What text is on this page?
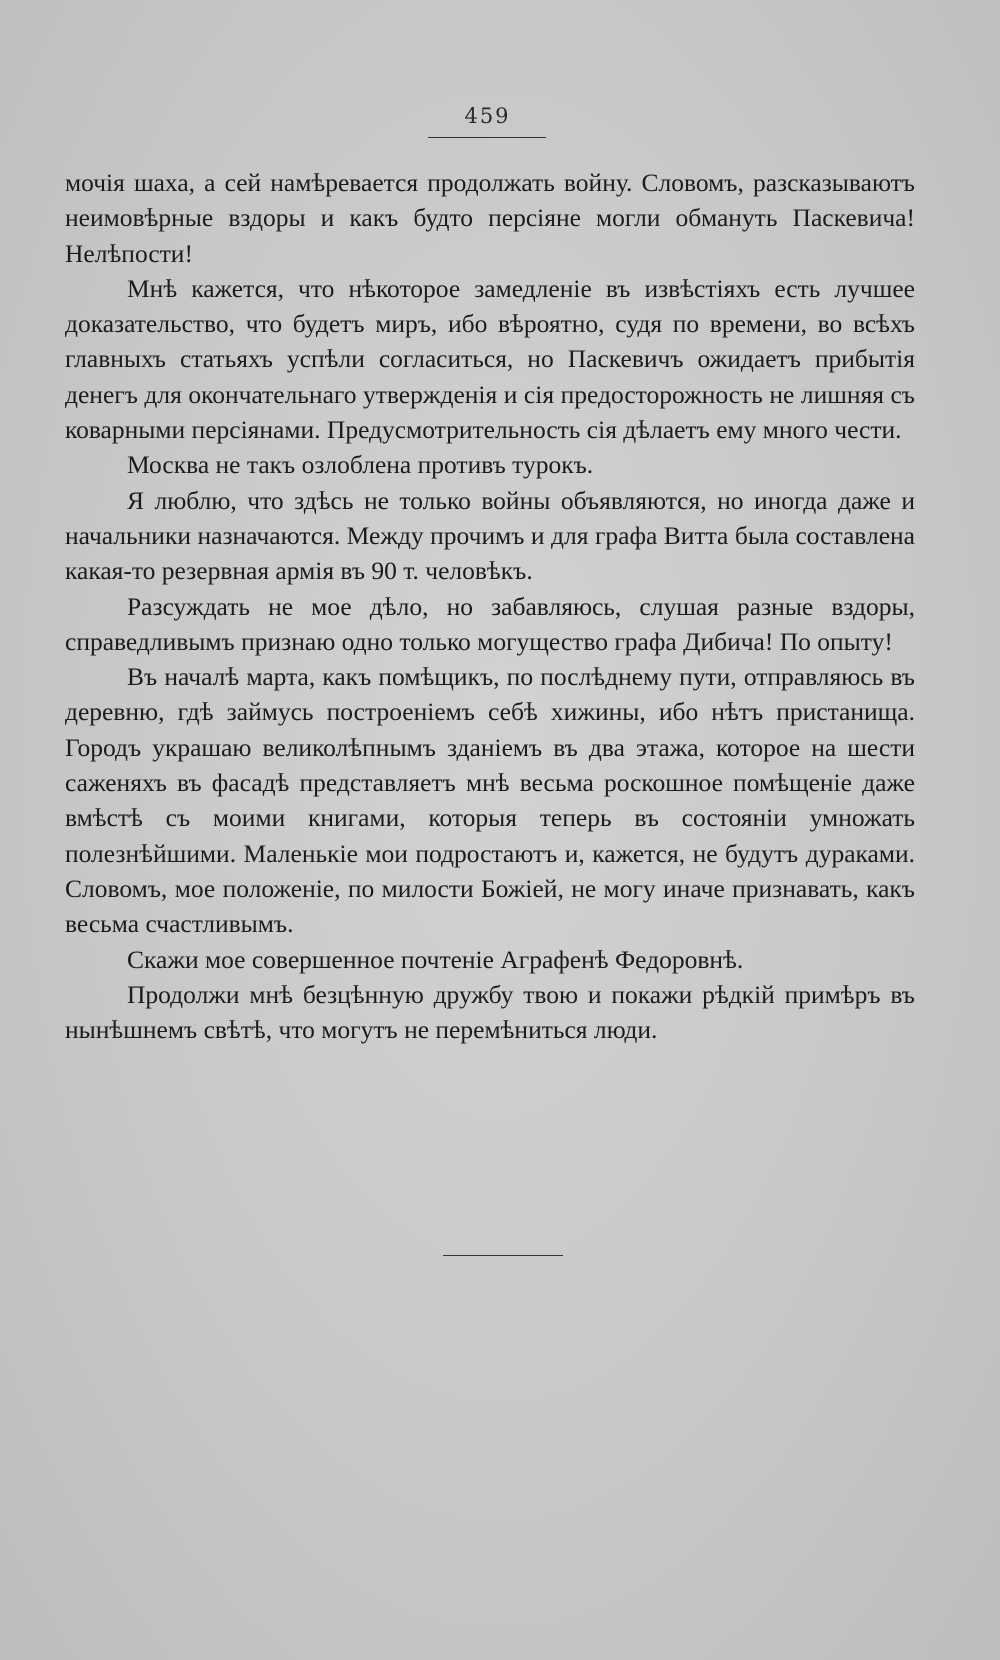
459

мочія шаха, а сей намѣревается продолжать войну. Словомъ, разсказываютъ неимовѣрные вздоры и какъ будто персіяне могли обмануть Паскевича! Нелѣпости!

Мнѣ кажется, что нѣкоторое замедленіе въ извѣстіяхъ есть лучшее доказательство, что будетъ миръ, ибо вѣроятно, судя по времени, во всѣхъ главныхъ статьяхъ успѣли согласиться, но Паскевичъ ожидаетъ прибытія денегъ для окончательнаго утвержденія и сія предосторожность не лишняя съ коварными персіянами. Предусмотрительность сія дѣлаетъ ему много чести.

Москва не такъ озлоблена противъ турокъ.

Я люблю, что здѣсь не только войны объявляются, но иногда даже и начальники назначаются. Между прочимъ и для графа Витта была составлена какая-то резервная армія въ 90 т. человѣкъ.

Разсуждать не мое дѣло, но забавляюсь, слушая разные вздоры, справедливымъ признаю одно только могущество графа Дибича! По опыту!

Въ началѣ марта, какъ помѣщикъ, по послѣднему пути, отправляюсь въ деревню, гдѣ займусь построеніемъ себѣ хижины, ибо нѣтъ пристанища. Городъ украшаю великолѣпнымъ зданіемъ въ два этажа, которое на шести саженяхъ въ фасадѣ представляетъ мнѣ весьма роскошное помѣщеніе даже вмѣстѣ съ моими книгами, которыя теперь въ состояніи умножать полезнѣйшими. Маленькіе мои подростаютъ и, кажется, не будутъ дураками. Словомъ, мое положеніе, по милости Божіей, не могу иначе признавать, какъ весьма счастливымъ.

Скажи мое совершенное почтеніе Аграфенѣ Федоровнѣ.

Продолжи мнѣ безцѣнную дружбу твою и покажи рѣдкій примѣръ въ нынѣшнемъ свѣтѣ, что могутъ не перемѣниться люди.
